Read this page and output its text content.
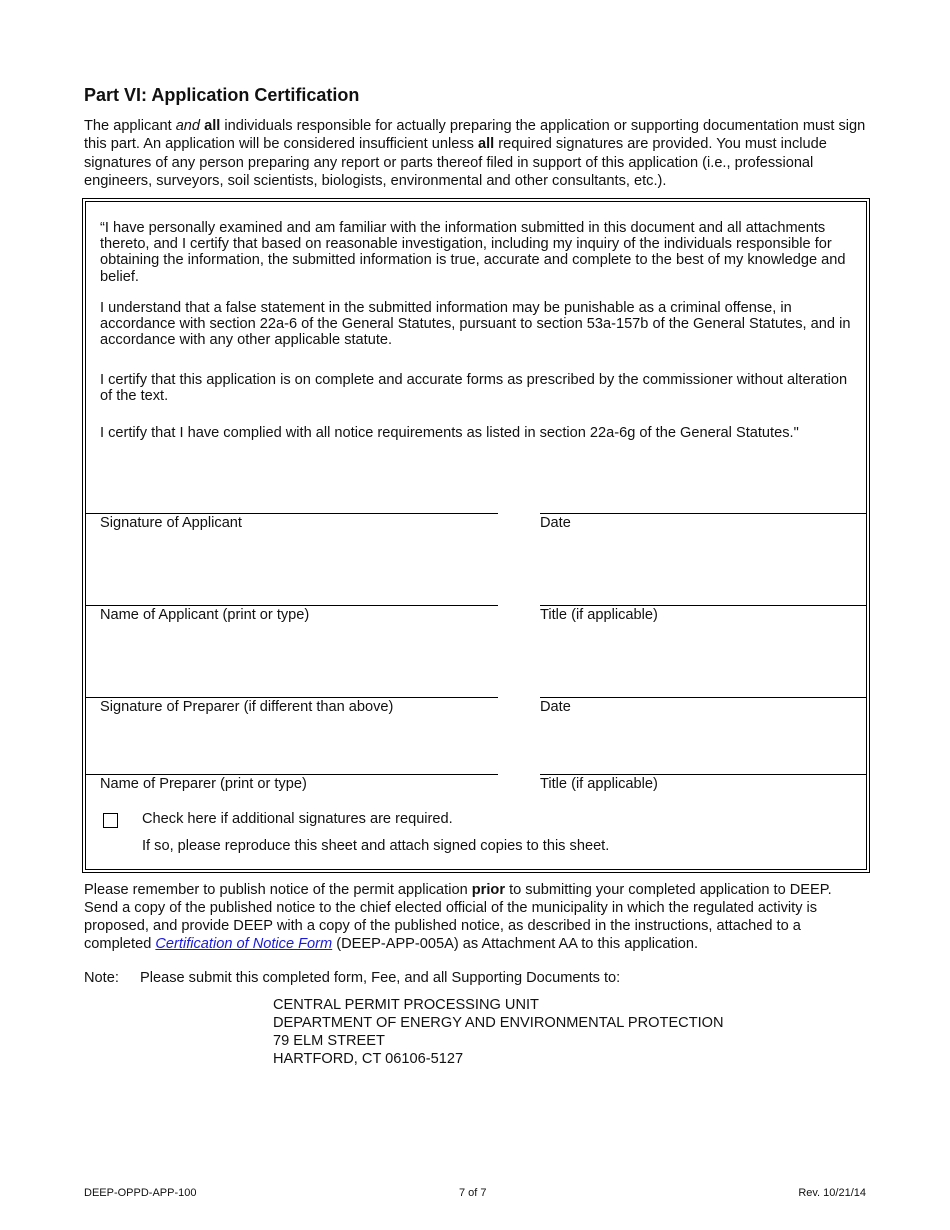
Part VI: Application Certification

The applicant and all individuals responsible for actually preparing the application or supporting documentation must sign this part. An application will be considered insufficient unless all required signatures are provided. You must include signatures of any person preparing any report or parts thereof filed in support of this application (i.e., professional engineers, surveyors, soil scientists, biologists, environmental and other consultants, etc.).

“I have personally examined and am familiar with the information submitted in this document and all attachments thereto, and I certify that based on reasonable investigation, including my inquiry of the individuals responsible for obtaining the information, the submitted information is true, accurate and complete to the best of my knowledge and belief.

I understand that a false statement in the submitted information may be punishable as a criminal offense, in accordance with section 22a-6 of the General Statutes, pursuant to section 53a-157b of the General Statutes, and in accordance with any other applicable statute.

I certify that this application is on complete and accurate forms as prescribed by the commissioner without alteration of the text.

I certify that I have complied with all notice requirements as listed in section 22a-6g of the General Statutes."

Signature of Applicant	Date
Name of Applicant (print or type)	Title (if applicable)
Signature of Preparer (if different than above)	Date
Name of Preparer (print or type)	Title (if applicable)
Check here if additional signatures are required.
If so, please reproduce this sheet and attach signed copies to this sheet.

Please remember to publish notice of the permit application prior to submitting your completed application to DEEP. Send a copy of the published notice to the chief elected official of the municipality in which the regulated activity is proposed, and provide DEEP with a copy of the published notice, as described in the instructions, attached to a completed Certification of Notice Form (DEEP-APP-005A) as Attachment AA to this application.

Note: Please submit this completed form, Fee, and all Supporting Documents to:
CENTRAL PERMIT PROCESSING UNIT
DEPARTMENT OF ENERGY AND ENVIRONMENTAL PROTECTION
79 ELM STREET
HARTFORD, CT 06106-5127
DEEP-OPPD-APP-100	7 of 7	Rev. 10/21/14
